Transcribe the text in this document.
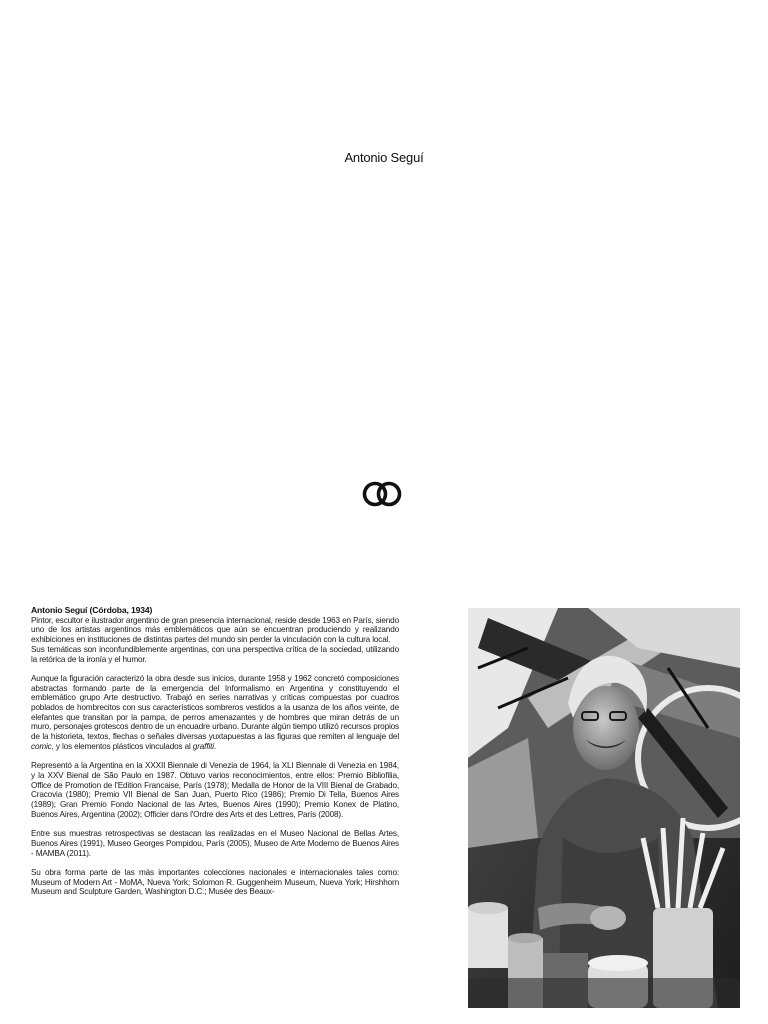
Antonio Seguí

Antonio Seguí (Córdoba, 1934)
Pintor, escultor e ilustrador argentino de gran presencia internacional, reside desde 1963 en París, siendo uno de los artistas argentinos más emblemáticos que aún se encuentran produciendo y realizando exhibiciones en instituciones de distintas partes del mundo sin perder la vinculación con la cultura local.
Sus temáticas son inconfundiblemente argentinas, con una perspectiva crítica de la sociedad, utilizando la retórica de la ironía y el humor.

Aunque la figuración caracterizó la obra desde sus inicios, durante 1958 y 1962 concretó composiciones abstractas formando parte de la emergencia del Informalismo en Argentina y constituyendo el emblemático grupo Arte destructivo. Trabajó en series narrativas y críticas compuestas por cuadros poblados de hombrecitos con sus característicos sombreros vestidos a la usanza de los años veinte, de elefantes que transitan por la pampa, de perros amenazantes y de hombres que miran detrás de un muro, personajes grotescos dentro de un encuadre urbano. Durante algún tiempo utilizó recursos propios de la historieta, textos, flechas o señales diversas yuxtapuestas a las figuras que remiten al lenguaje del comic, y los elementos plásticos vinculados al graffiti.

Representó a la Argentina en la XXXII Biennale di Venezia de 1964, la XLI Biennale di Venezia en 1984, y la XXV Bienal de São Paulo en 1987. Obtuvo varios reconocimientos, entre ellos: Premio Bibliofilia, Office de Promotion de l'Edition Francaise, París (1978); Medalla de Honor de la VIII Bienal de Grabado, Cracovia (1980); Premio VII Bienal de San Juan, Puerto Rico (1986); Premio Di Tella, Buenos Aires (1989); Gran Premio Fondo Nacional de las Artes, Buenos Aires (1990); Premio Konex de Platino, Buenos Aires, Argentina (2002); Officier dans l'Ordre des Arts et des Lettres, París (2008).

Entre sus muestras retrospectivas se destacan las realizadas en el Museo Nacional de Bellas Artes, Buenos Aires (1991), Museo Georges Pompidou, París (2005), Museo de Arte Moderno de Buenos Aires - MAMBA (2011).

Su obra forma parte de las más importantes colecciones nacionales e internacionales tales como: Museum of Modern Art - MoMA, Nueva York; Solomon R. Guggenheim Museum, Nueva York; Hirshhorn Museum and Sculpture Garden, Washington D.C.; Musée des Beaux-
